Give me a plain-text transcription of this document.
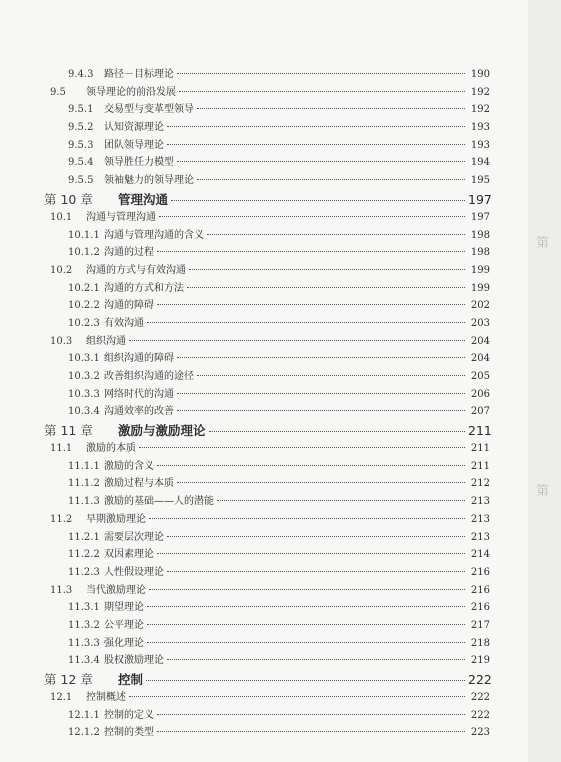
9.4.3	路径－目标理论	190
9.5	领导理论的前沿发展	192
9.5.1	交易型与变革型领导	192
9.5.2	认知资源理论	193
9.5.3	团队领导理论	193
9.5.4	领导胜任力模型	194
9.5.5	领袖魅力的领导理论	195
第 10 章	管理沟通	197
10.1	沟通与管理沟通	197
10.1.1 沟通与管理沟通的含义	198
10.1.2 沟通的过程	198
10.2	沟通的方式与有效沟通	199
10.2.1 沟通的方式和方法	199
10.2.2 沟通的障碍	202
10.2.3 有效沟通	203
10.3	组织沟通	204
10.3.1 组织沟通的障碍	204
10.3.2 改善组织沟通的途径	205
10.3.3 网络时代的沟通	206
10.3.4 沟通效率的改善	207
第 11 章	激励与激励理论	211
11.1	激励的本质	211
11.1.1 激励的含义	211
11.1.2 激励过程与本质	212
11.1.3 激励的基础——人的潜能	213
11.2	早期激励理论	213
11.2.1 需要层次理论	213
11.2.2 双因素理论	214
11.2.3 人性假设理论	216
11.3	当代激励理论	216
11.3.1 期望理论	216
11.3.2 公平理论	217
11.3.3 强化理论	218
11.3.4 股权激励理论	219
第 12 章	控制	222
12.1	控制概述	222
12.1.1 控制的定义	222
12.1.2 控制的类型	223
第
第
